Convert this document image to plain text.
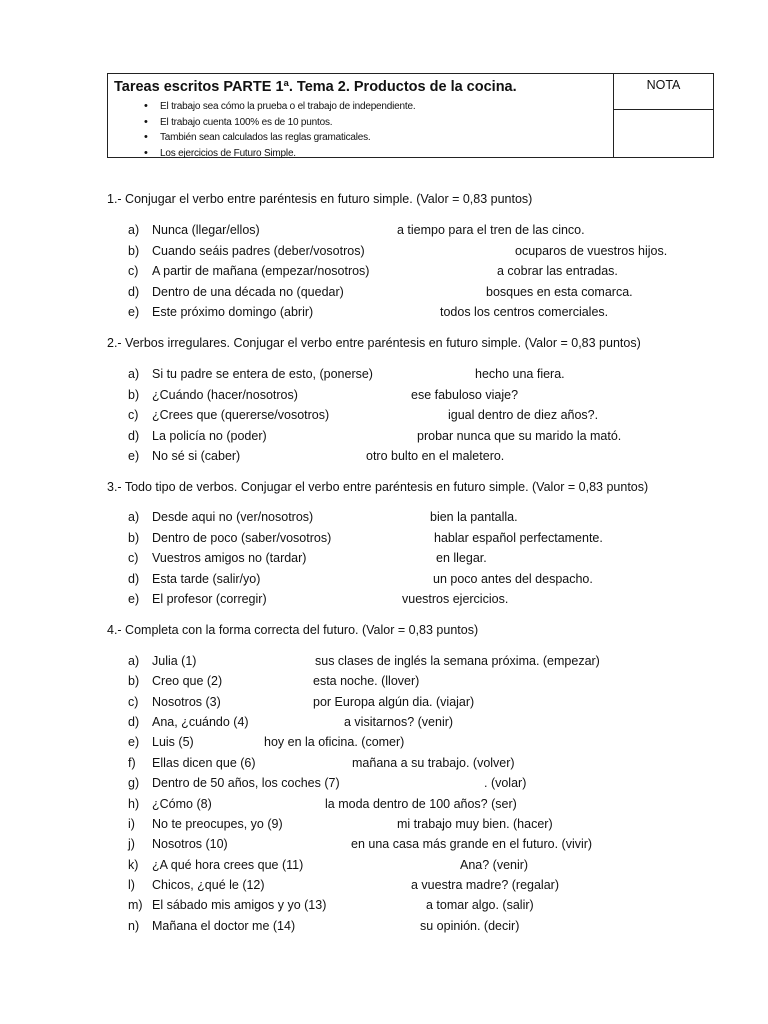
Tareas escritos PARTE 1ª. Tema 2. Productos de la cocina.
• El trabajo sea cómo la prueba o el trabajo de independiente.
• El trabajo cuenta 100% es de 10 puntos.
• También sean calculados las reglas gramaticales.
• Los ejercicios de Futuro Simple.
NOTA
1.- Conjugar el verbo entre paréntesis en futuro simple. (Valor = 0,83 puntos)
a) Nunca (llegar/ellos)	a tiempo para el tren de las cinco.
b) Cuando seáis padres (deber/vosotros)	ocuparos de vuestros hijos.
c) A partir de mañana (empezar/nosotros)	a cobrar las entradas.
d) Dentro de una década no (quedar)	bosques en esta comarca.
e) Este próximo domingo (abrir)	todos los centros comerciales.
2.- Verbos irregulares. Conjugar el verbo entre paréntesis en futuro simple. (Valor = 0,83 puntos)
a) Si tu padre se entera de esto, (ponerse)	hecho una fiera.
b) ¿Cuándo (hacer/nosotros)	ese fabuloso viaje?
c) ¿Crees que (quererse/vosotros)	igual dentro de diez años?.
d) La policía no (poder)	probar nunca que su marido la mató.
e) No sé si (caber)	otro bulto en el maletero.
3.- Todo tipo de verbos. Conjugar el verbo entre paréntesis en futuro simple. (Valor = 0,83 puntos)
a) Desde aqui no (ver/nosotros)	bien la pantalla.
b) Dentro de poco (saber/vosotros)	hablar español perfectamente.
c) Vuestros amigos no (tardar)	en llegar.
d) Esta tarde (salir/yo)	un poco antes del despacho.
e) El profesor (corregir)	vuestros ejercicios.
4.- Completa con la forma correcta del futuro. (Valor = 0,83 puntos)
a) Julia (1)	sus clases de inglés la semana próxima. (empezar)
b) Creo que (2)	esta noche. (llover)
c) Nosotros (3)	por Europa algún dia. (viajar)
d) Ana, ¿cuándo (4)	a visitarnos? (venir)
e) Luis (5)	hoy en la oficina. (comer)
f) Ellas dicen que (6)	mañana a su trabajo. (volver)
g) Dentro de 50 años, los coches (7)	. (volar)
h) ¿Cómo (8)	la moda dentro de 100 años? (ser)
i) No te preocupes, yo (9)	mi trabajo muy bien. (hacer)
j) Nosotros (10)	en una casa más grande en el futuro. (vivir)
k) ¿A qué hora crees que (11)	Ana? (venir)
l) Chicos, ¿qué le (12)	a vuestra madre? (regalar)
m) El sábado mis amigos y yo (13)	a tomar algo. (salir)
n) Mañana el doctor me (14)	su opinión. (decir)
